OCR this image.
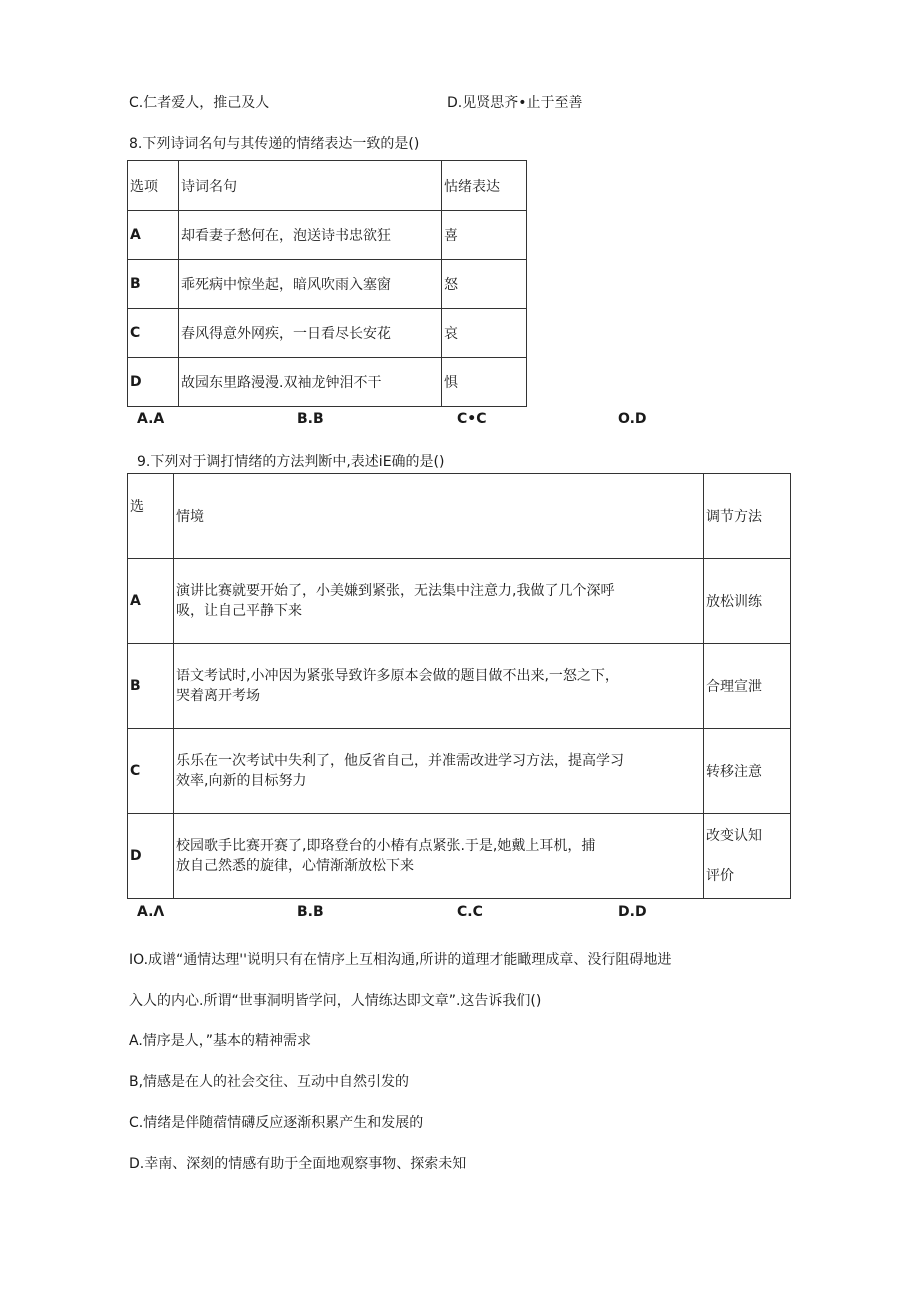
C.仁者爱人，推己及人	D.见贤思齐•止于至善
8.下列诗词名句与其传递的情绪表达一致的是()
选项	诗词名句	怙绪表达
A	却看妻子愁何在，泡送诗书忠欲狂	喜
B	乖死病中惊坐起，暗风吹雨入塞窗	怒
C	春风得意外网疾，一日看尽长安花	哀
D	故园东里路漫漫.双袖龙钟泪不干	惧
A.A	B.B	C•C	O.D
9.下列对于调打情绪的方法判断中,表述iE确的是()
选	情境	调节方法
A	演讲比赛就要开始了，小美嫌到紧张，无法集中注意力,我做了几个深呼
吸，让自己平静下来	放松训练
B	语文考试时,小冲因为紧张导致许多原本会做的题目做不出来,一怒之下，
哭着离开考场	合理宣泄
C	乐乐在一次考试中失利了，他反省自己，并准需改进学习方法，提高学习
效率,向新的目标努力	转移注意
D	校园歌手比赛开赛了,即珞登台的小椿有点紧张.于是,她戴上耳机，捕
放自己然悉的旋律，心情渐渐放松下来	改变认知
评价
A.Λ	B.B	C.C	D.D
IO.成谱“通情达理''说明只有在情序上互相沟通,所讲的道理才能瞰理成章、没行阻碍地进
入人的内心.所谓“世事洞明皆学问，人情练达即文章”.这告诉我们()
A.情序是人，”基本的精神需求
B,情感是在人的社会交往、互动中自然引发的
C.情绪是伴随蓿情礴反应逐渐积累产生和发展的
D.幸南、深刻的情感有助于全面地观察事物、探索未知
